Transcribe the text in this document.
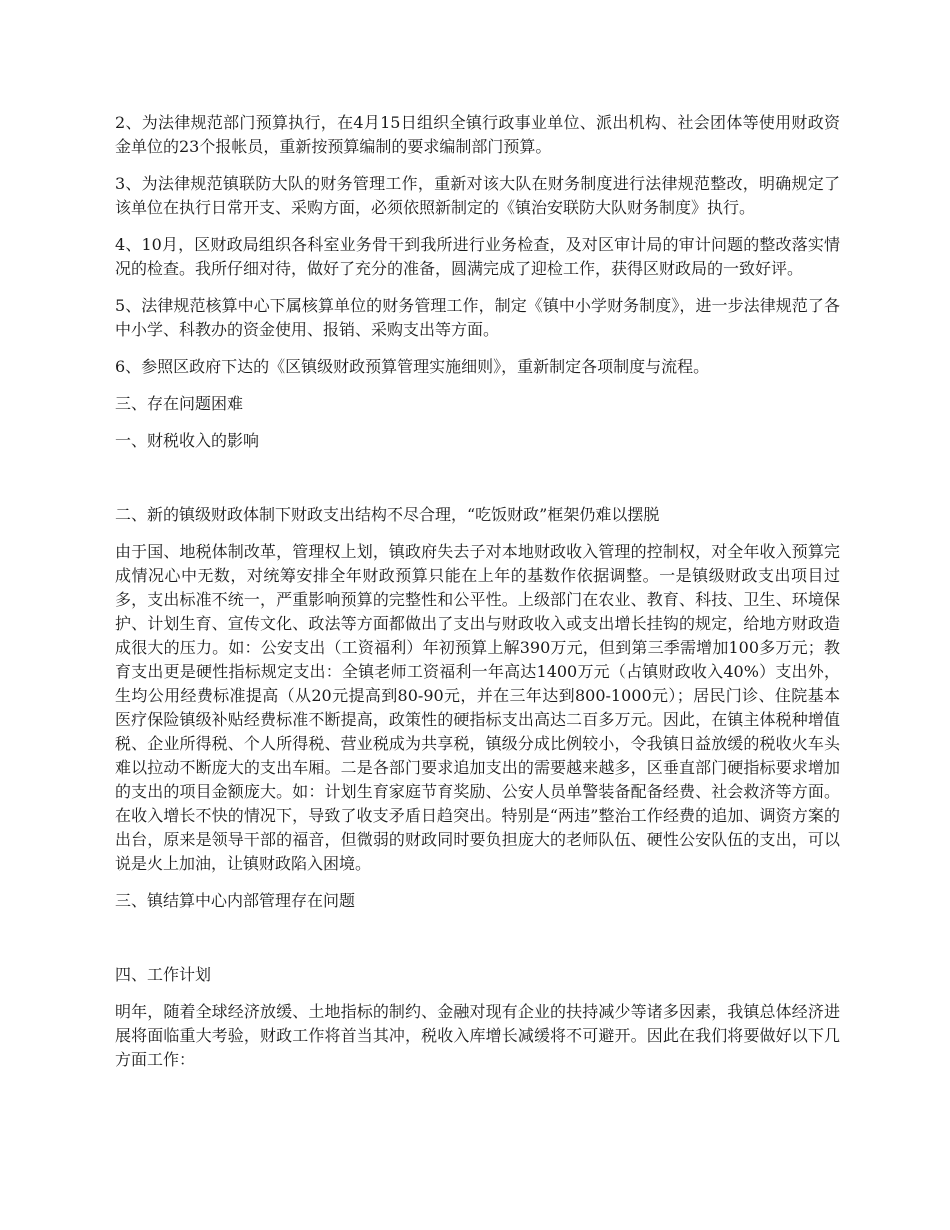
2、为法律规范部门预算执行，在4月15日组织全镇行政事业单位、派出机构、社会团体等使用财政资金单位的23个报帐员，重新按预算编制的要求编制部门预算。

3、为法律规范镇联防大队的财务管理工作，重新对该大队在财务制度进行法律规范整改，明确规定了该单位在执行日常开支、采购方面，必须依照新制定的《镇治安联防大队财务制度》执行。

4、10月，区财政局组织各科室业务骨干到我所进行业务检查，及对区审计局的审计问题的整改落实情况的检查。我所仔细对待，做好了充分的准备，圆满完成了迎检工作，获得区财政局的一致好评。

5、法律规范核算中心下属核算单位的财务管理工作，制定《镇中小学财务制度》，进一步法律规范了各中小学、科教办的资金使用、报销、采购支出等方面。

6、参照区政府下达的《区镇级财政预算管理实施细则》，重新制定各项制度与流程。

三、存在问题困难

一、财税收入的影响

二、新的镇级财政体制下财政支出结构不尽合理，“吃饭财政”框架仍难以摆脱

由于国、地税体制改革，管理权上划，镇政府失去子对本地财政收入管理的控制权，对全年收入预算完成情况心中无数，对统筹安排全年财政预算只能在上年的基数作依据调整。一是镇级财政支出项目过多，支出标准不统一，严重影响预算的完整性和公平性。上级部门在农业、教育、科技、卫生、环境保护、计划生育、宣传文化、政法等方面都做出了支出与财政收入或支出增长挂钩的规定，给地方财政造成很大的压力。如：公安支出（工资福利）年初预算上解390万元，但到第三季需增加100多万元；教育支出更是硬性指标规定支出：全镇老师工资福利一年高达1400万元（占镇财政收入40%）支出外，生均公用经费标准提高（从20元提高到80-90元，并在三年达到800-1000元）；居民门诊、住院基本医疗保险镇级补贴经费标准不断提高，政策性的硬指标支出高达二百多万元。因此，在镇主体税种增值税、企业所得税、个人所得税、营业税成为共享税，镇级分成比例较小，令我镇日益放缓的税收火车头难以拉动不断庞大的支出车厢。二是各部门要求追加支出的需要越来越多，区垂直部门硬指标要求增加的支出的项目金额庞大。如：计划生育家庭节育奖励、公安人员单警装备配备经费、社会救济等方面。在收入增长不快的情况下，导致了收支矛盾日趋突出。特别是“两违”整治工作经费的追加、调资方案的出台，原来是领导干部的福音，但微弱的财政同时要负担庞大的老师队伍、硬性公安队伍的支出，可以说是火上加油，让镇财政陷入困境。

三、镇结算中心内部管理存在问题

四、工作计划

明年，随着全球经济放缓、土地指标的制约、金融对现有企业的扶持减少等诸多因素，我镇总体经济进展将面临重大考验，财政工作将首当其冲，税收入库增长减缓将不可避开。因此在我们将要做好以下几方面工作：
